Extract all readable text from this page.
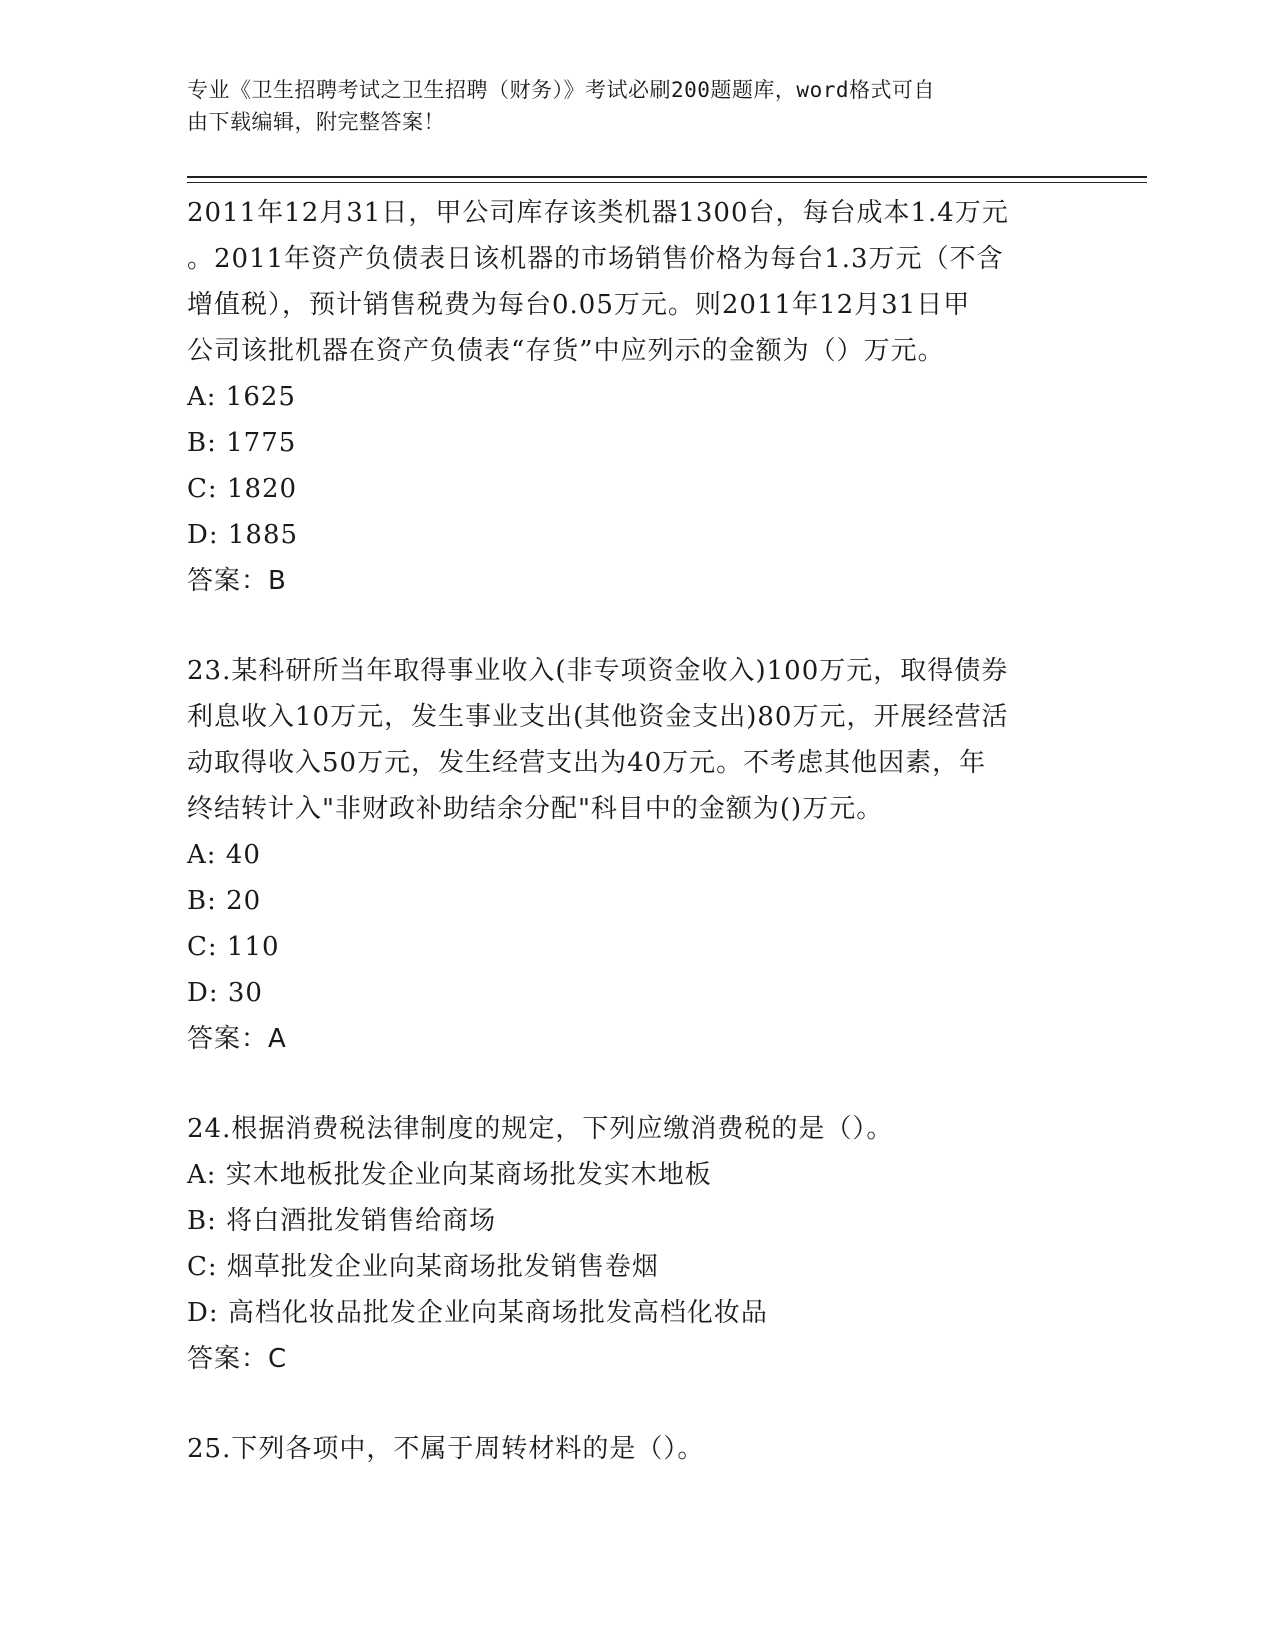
专业《卫生招聘考试之卫生招聘（财务）》考试必刷200题题库，word格式可自
由下载编辑，附完整答案！

2011年12月31日，甲公司库存该类机器1300台，每台成本1.4万元

。2011年资产负债表日该机器的市场销售价格为每台1.3万元（不含

增值税），预计销售税费为每台0.05万元。则2011年12月31日甲

公司该批机器在资产负债表“存货”中应列示的金额为（）万元。

A: 1625

B: 1775

C: 1820

D: 1885

答案：B

23.某科研所当年取得事业收入(非专项资金收入)100万元，取得债券

利息收入10万元，发生事业支出(其他资金支出)80万元，开展经营活

动取得收入50万元，发生经营支出为40万元。不考虑其他因素，年

终结转计入"非财政补助结余分配"科目中的金额为()万元。

A: 40

B: 20

C: 110

D: 30

答案：A

24.根据消费税法律制度的规定，下列应缴消费税的是（）。

A: 实木地板批发企业向某商场批发实木地板

B: 将白酒批发销售给商场

C: 烟草批发企业向某商场批发销售卷烟

D: 高档化妆品批发企业向某商场批发高档化妆品

答案：C

25.下列各项中，不属于周转材料的是（）。
